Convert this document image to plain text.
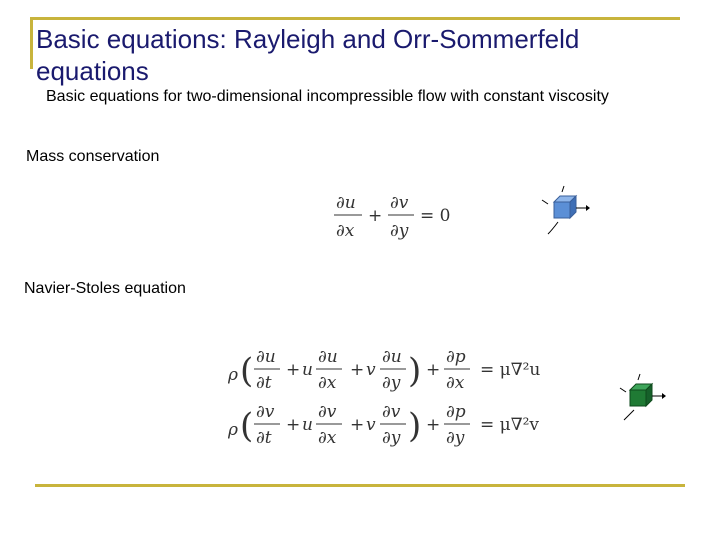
Basic equations: Rayleigh and Orr-Sommerfeld equations
Basic equations for two-dimensional incompressible flow with constant viscosity
Mass conservation
Navier-Stoles equation
∂u
∂x
+
∂v
∂y
= 0
ρ ( ∂u
∂t
+ u
∂u
∂x
+ v
∂u
∂y ) +
∂p
∂x
= μ∇²u
ρ ( ∂v
∂t
+ u
∂v
∂x
+ v
∂v
∂y ) +
∂p
∂y
= μ∇²v
